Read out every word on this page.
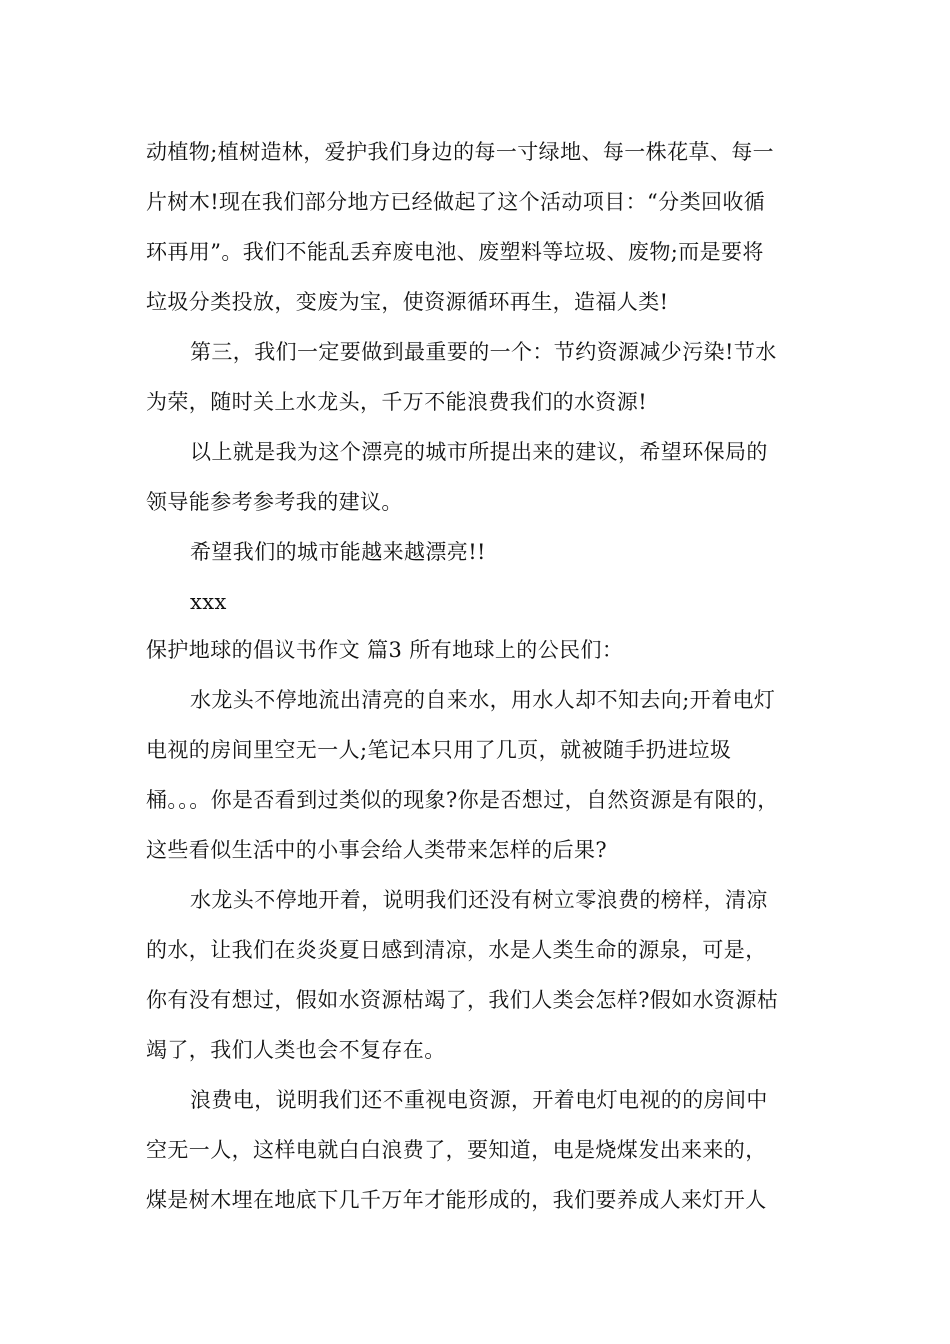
动植物;植树造林，爱护我们身边的每一寸绿地、每一株花草、每一
片树木!现在我们部分地方已经做起了这个活动项目：“分类回收循
环再用”。我们不能乱丢弃废电池、废塑料等垃圾、废物;而是要将
垃圾分类投放，变废为宝，使资源循环再生，造福人类!
第三，我们一定要做到最重要的一个：节约资源减少污染!节水
为荣，随时关上水龙头，千万不能浪费我们的水资源!
以上就是我为这个漂亮的城市所提出来的建议，希望环保局的
领导能参考参考我的建议。
希望我们的城市能越来越漂亮!!
xxx
保护地球的倡议书作文 篇3 所有地球上的公民们：
水龙头不停地流出清亮的自来水，用水人却不知去向;开着电灯
电视的房间里空无一人;笔记本只用了几页，就被随手扔进垃圾
桶。。。你是否看到过类似的现象?你是否想过，自然资源是有限的，
这些看似生活中的小事会给人类带来怎样的后果?
水龙头不停地开着，说明我们还没有树立零浪费的榜样，清凉
的水，让我们在炎炎夏日感到清凉，水是人类生命的源泉，可是，
你有没有想过，假如水资源枯竭了，我们人类会怎样?假如水资源枯
竭了，我们人类也会不复存在。
浪费电，说明我们还不重视电资源，开着电灯电视的的房间中
空无一人，这样电就白白浪费了，要知道，电是烧煤发出来来的，
煤是树木埋在地底下几千万年才能形成的，我们要养成人来灯开人
